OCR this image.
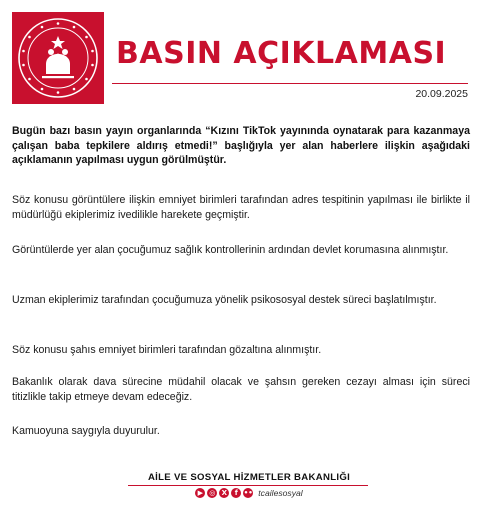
BASIN AÇIKLAMASI
20.09.2025

Bugün bazı basın yayın organlarında “Kızını TikTok yayınında oynatarak para kazanmaya çalışan baba tepkilere aldırış etmedi!” başlığıyla yer alan haberlere ilişkin aşağıdaki açıklamanın yapılması uygun görülmüştür.

Söz konusu görüntülere ilişkin emniyet birimleri tarafından adres tespitinin yapılması ile birlikte il müdürlüğü ekiplerimiz ivedilikle harekete geçmiştir.

Görüntülerde yer alan çocuğumuz sağlık kontrollerinin ardından devlet korumasına alınmıştır.

Uzman ekiplerimiz tarafından çocuğumuza yönelik psikososyal destek süreci başlatılmıştır.

Söz konusu şahıs emniyet birimleri tarafından gözaltına alınmıştır.

Bakanlık olarak dava sürecine müdahil olacak ve şahsın gereken cezayı alması için süreci titizlikle takip etmeye devam edeceğiz.

Kamuoyuna saygıyla duyurulur.

AİLE VE SOSYAL HİZMETLER BAKANLIĞI
▶ ◎ X	f •• tcailesosyal
